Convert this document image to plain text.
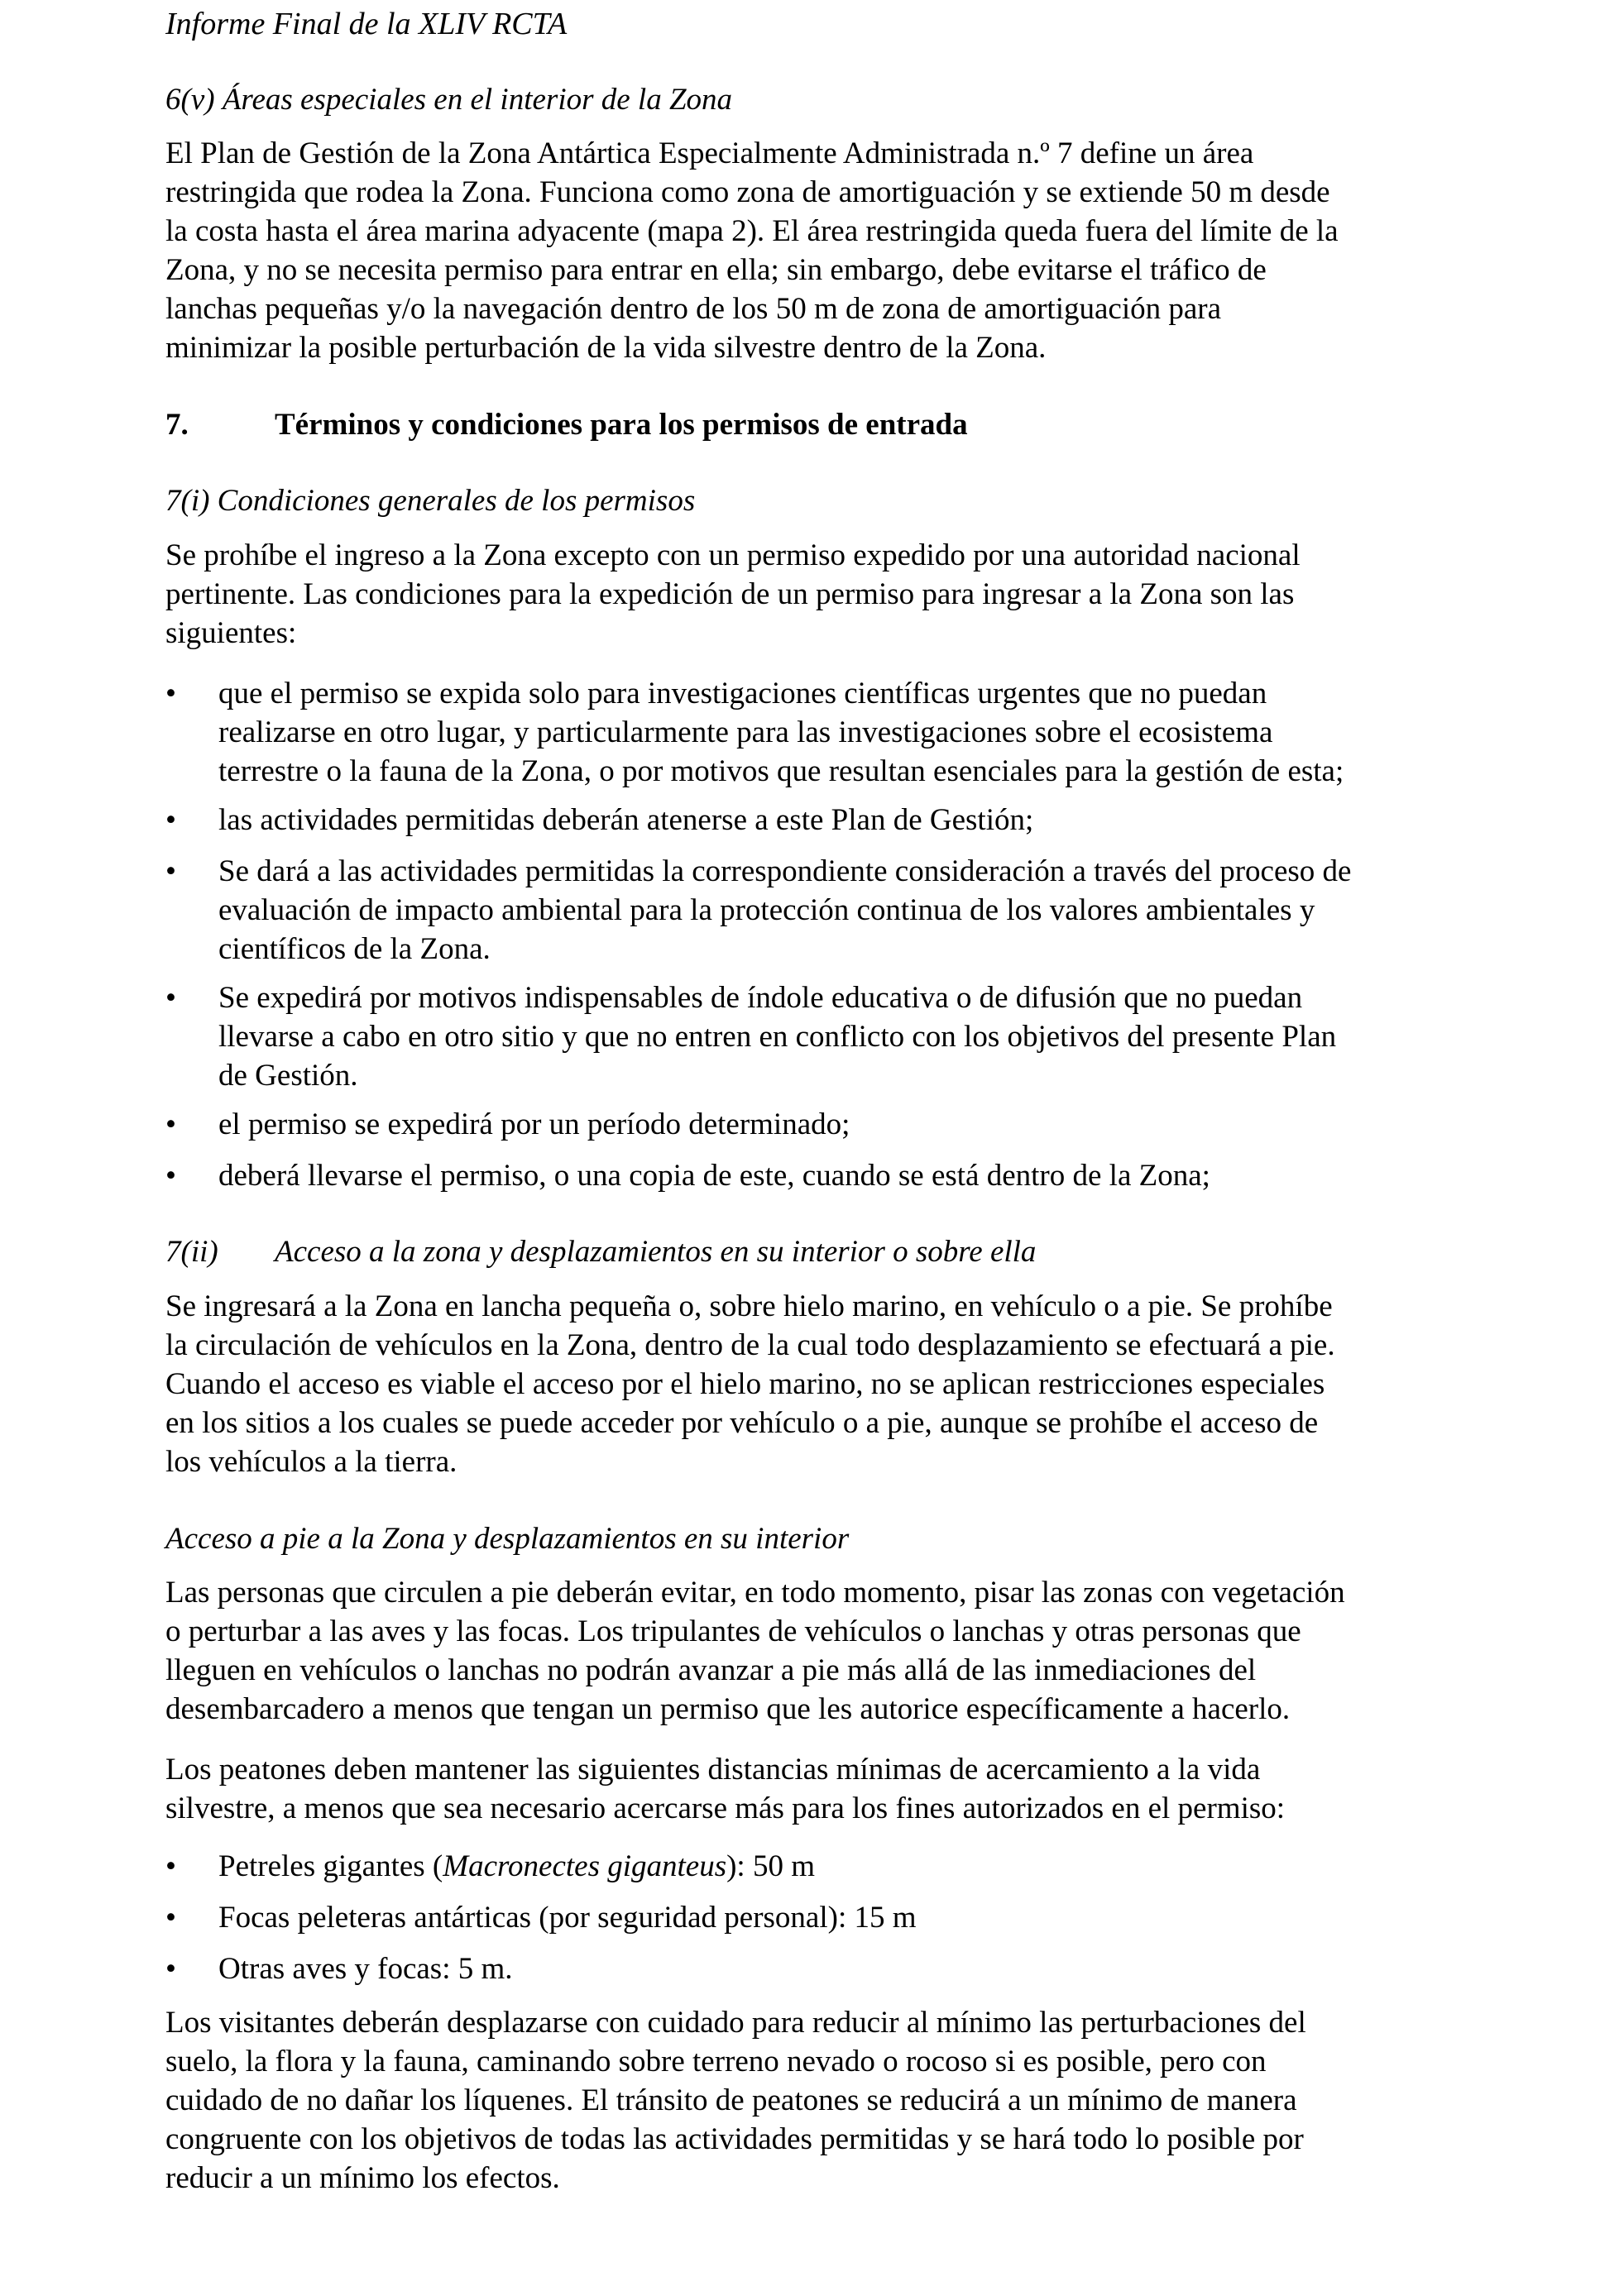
Informe Final de la XLIV RCTA
6(v) Áreas especiales en el interior de la Zona
El Plan de Gestión de la Zona Antártica Especialmente Administrada n.º 7 define un área
restringida que rodea la Zona. Funciona como zona de amortiguación y se extiende 50 m desde
la costa hasta el área marina adyacente (mapa 2). El área restringida queda fuera del límite de la
Zona, y no se necesita permiso para entrar en ella; sin embargo, debe evitarse el tráfico de
lanchas pequeñas y/o la navegación dentro de los 50 m de zona de amortiguación para
minimizar la posible perturbación de la vida silvestre dentro de la Zona.
7.	Términos y condiciones para los permisos de entrada
7(i) Condiciones generales de los permisos
Se prohíbe el ingreso a la Zona excepto con un permiso expedido por una autoridad nacional
pertinente. Las condiciones para la expedición de un permiso para ingresar a la Zona son las
siguientes:
•	que el permiso se expida solo para investigaciones científicas urgentes que no puedan
realizarse en otro lugar, y particularmente para las investigaciones sobre el ecosistema
terrestre o la fauna de la Zona, o por motivos que resultan esenciales para la gestión de esta;
•	las actividades permitidas deberán atenerse a este Plan de Gestión;
•	Se dará a las actividades permitidas la correspondiente consideración a través del proceso de
evaluación de impacto ambiental para la protección continua de los valores ambientales y
científicos de la Zona.
•	Se expedirá por motivos indispensables de índole educativa o de difusión que no puedan
llevarse a cabo en otro sitio y que no entren en conflicto con los objetivos del presente Plan
de Gestión.
•	el permiso se expedirá por un período determinado;
•	deberá llevarse el permiso, o una copia de este, cuando se está dentro de la Zona;
7(ii) Acceso a la zona y desplazamientos en su interior o sobre ella
Se ingresará a la Zona en lancha pequeña o, sobre hielo marino, en vehículo o a pie. Se prohíbe
la circulación de vehículos en la Zona, dentro de la cual todo desplazamiento se efectuará a pie.
Cuando el acceso es viable el acceso por el hielo marino, no se aplican restricciones especiales
en los sitios a los cuales se puede acceder por vehículo o a pie, aunque se prohíbe el acceso de
los vehículos a la tierra.
Acceso a pie a la Zona y desplazamientos en su interior
Las personas que circulen a pie deberán evitar, en todo momento, pisar las zonas con vegetación
o perturbar a las aves y las focas. Los tripulantes de vehículos o lanchas y otras personas que
lleguen en vehículos o lanchas no podrán avanzar a pie más allá de las inmediaciones del
desembarcadero a menos que tengan un permiso que les autorice específicamente a hacerlo.
Los peatones deben mantener las siguientes distancias mínimas de acercamiento a la vida
silvestre, a menos que sea necesario acercarse más para los fines autorizados en el permiso:
•	Petreles gigantes (Macronectes giganteus): 50 m
•	Focas peleteras antárticas (por seguridad personal): 15 m
•	Otras aves y focas: 5 m.
Los visitantes deberán desplazarse con cuidado para reducir al mínimo las perturbaciones del
suelo, la flora y la fauna, caminando sobre terreno nevado o rocoso si es posible, pero con
cuidado de no dañar los líquenes. El tránsito de peatones se reducirá a un mínimo de manera
congruente con los objetivos de todas las actividades permitidas y se hará todo lo posible por
reducir a un mínimo los efectos.
